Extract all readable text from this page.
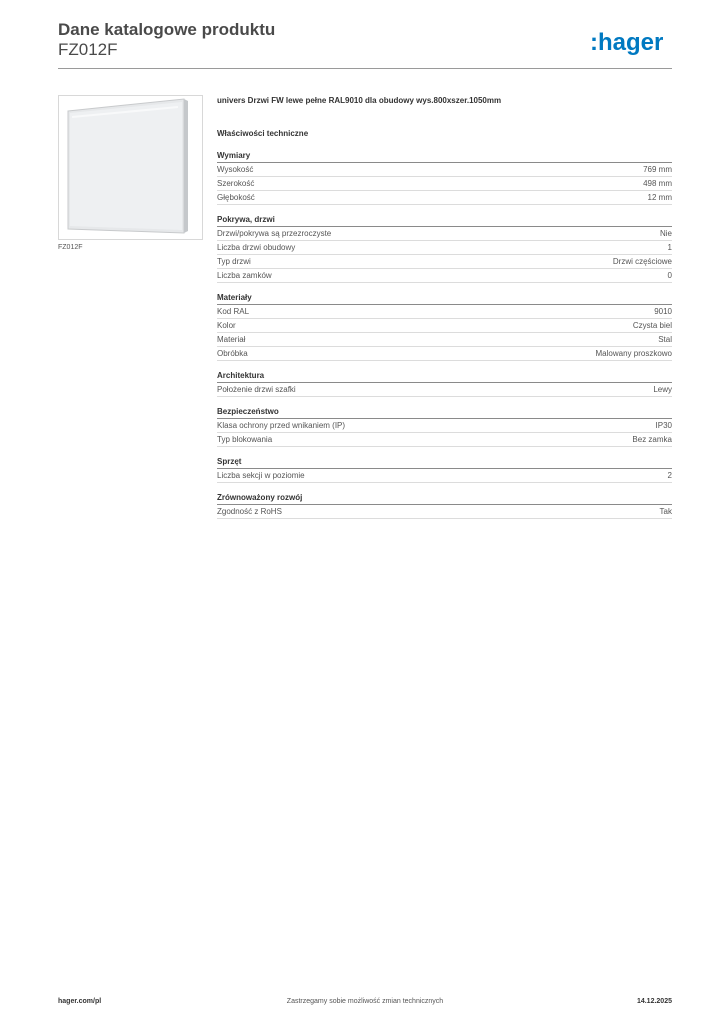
Dane katalogowe produktu
FZ012F	:hager
FZ012F
univers Drzwi FW lewe pełne RAL9010 dla obudowy wys.800xszer.1050mm
Właściwości techniczne
Wymiary
Wysokość	769 mm
Szerokość	498 mm
Głębokość	12 mm
Pokrywa, drzwi
Drzwi/pokrywa są przezroczyste	Nie
Liczba drzwi obudowy	1
Typ drzwi	Drzwi częściowe
Liczba zamków	0
Materiały
Kod RAL	9010
Kolor	Czysta biel
Materiał	Stal
Obróbka	Malowany proszkowo
Architektura
Położenie drzwi szafki	Lewy
Bezpieczeństwo
Klasa ochrony przed wnikaniem (IP)	IP30
Typ blokowania	Bez zamka
Sprzęt
Liczba sekcji w poziomie	2
Zrównoważony rozwój
Zgodność z RoHS	Tak
Zastrzegamy sobie możliwość zmian technicznych
hager.com/pl	14.12.2025
